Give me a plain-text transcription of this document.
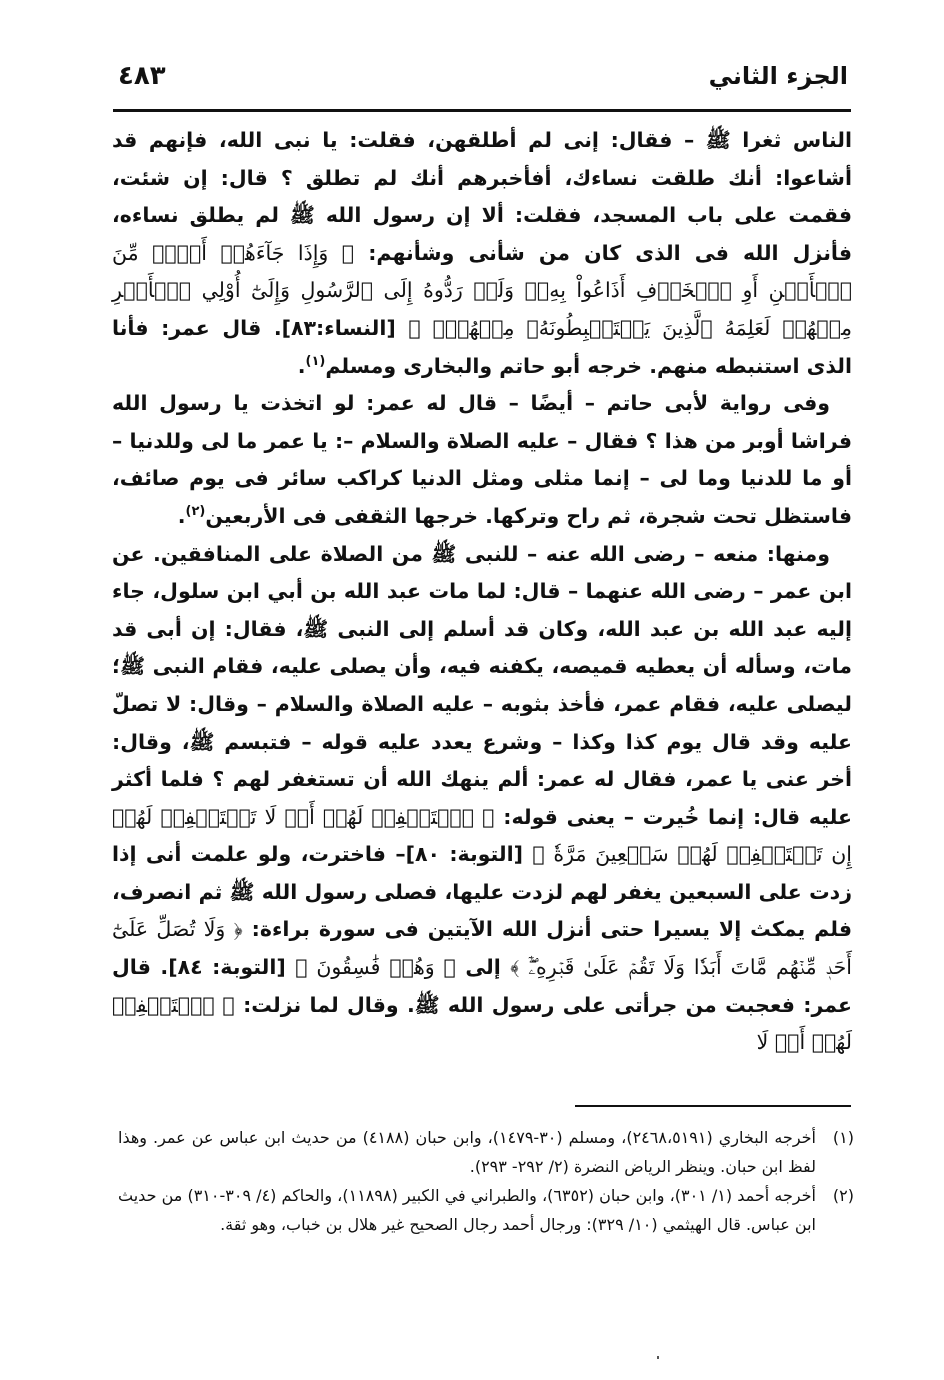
الجزء الثاني
٤٨٣

الناس ثغرا ﷺ – فقال: إنى لم أطلقهن، فقلت: يا نبى الله، فإنهم قد أشاعوا: أنك طلقت نساءك، أفأخبرهم أنك لم تطلق ؟ قال: إن شئت، فقمت على باب المسجد، فقلت: ألا إن رسول الله ﷺ لم يطلق نساءه، فأنزل الله فى الذى كان من شأنى وشأنهم: ﴿ وَإِذَا جَآءَهُمۡ أَمۡرٞ مِّنَ ٱلۡأَمۡنِ أَوِ ٱلۡخَوۡفِ أَذَاعُواْ بِهِۦۖ وَلَوۡ رَدُّوهُ إِلَى ٱلرَّسُولِ وَإِلَىٰٓ أُوْلِي ٱلۡأَمۡرِ مِنۡهُمۡ لَعَلِمَهُ ٱلَّذِينَ يَسۡتَنۢبِطُونَهُۥ مِنۡهُمۡۗ ﴾ [النساء:٨٣]. قال عمر: فأنا الذى استنبطه منهم. خرجه أبو حاتم والبخارى ومسلم$^{(١)}$.

وفى رواية لأبى حاتم – أيضًا – قال له عمر: لو اتخذت يا رسول الله فراشا أوبر من هذا ؟ فقال – عليه الصلاة والسلام –: يا عمر ما لى وللدنيا – أو ما للدنيا وما لى – إنما مثلى ومثل الدنيا كراكب سائر فى يوم صائف، فاستظل تحت شجرة، ثم راح وتركها. خرجها الثقفى فى الأربعين$^{(٢)}$.

ومنها: منعه – رضى الله عنه – للنبى ﷺ من الصلاة على المنافقين. عن ابن عمر – رضى الله عنهما – قال: لما مات عبد الله بن أبي ابن سلول، جاء إليه عبد الله بن عبد الله، وكان قد أسلم إلى النبى ﷺ، فقال: إن أبى قد مات، وسأله أن يعطيه قميصه، يكفنه فيه، وأن يصلى عليه، فقام النبى ﷺ؛ ليصلى عليه، فقام عمر، فأخذ بثوبه – عليه الصلاة والسلام – وقال: لا تصلّ عليه وقد قال يوم كذا وكذا – وشرع يعدد عليه قوله – فتبسم ﷺ، وقال: أخر عنى يا عمر، فقال له عمر: ألم ينهك الله أن تستغفر لهم ؟ فلما أكثر عليه قال: إنما خُيرت – يعنى قوله: ﴿ ٱسۡتَغۡفِرۡ لَهُمۡ أَوۡ لَا تَسۡتَغۡفِرۡ لَهُمۡ إِن تَسۡتَغۡفِرۡ لَهُمۡ سَبۡعِينَ مَرَّةٗ ﴾ [التوبة: ٨٠]– فاخترت، ولو علمت أنى إذا زدت على السبعين يغفر لهم لزدت عليها، فصلى رسول الله ﷺ ثم انصرف، فلم يمكث إلا يسيرا حتى أنزل الله الآيتين فى سورة براءة: ﴿ وَلَا تُصَلِّ عَلَىٰٓ أَحَدٖ مِّنۡهُم مَّاتَ أَبَدٗا وَلَا تَقُمۡ عَلَىٰ قَبۡرِهِۦٓۖ ﴾ إلى ﴿ وَهُمۡ فَٰسِقُونَ ﴾ [التوبة: ٨٤]. قال عمر: فعجبت من جرأتى على رسول الله ﷺ. وقال لما نزلت: ﴿ ٱسۡتَغۡفِرۡ لَهُمۡ أَوۡ لَا

(١)
أخرجه البخاري (٢٤٦٨،٥١٩١)، ومسلم (٣٠-١٤٧٩)، وابن حبان (٤١٨٨) من حديث ابن عباس عن عمر. وهذا لفظ ابن حبان. وينظر الرياض النضرة (٢/ ٢٩٢- ٢٩٣).

(٢)
أخرجه أحمد (١/ ٣٠١)، وابن حبان (٦٣٥٢)، والطبراني في الكبير (١١٨٩٨)، والحاكم (٤/ ٣٠٩-٣١٠) من حديث ابن عباس. قال الهيثمي (١٠/ ٣٢٩): ورجال أحمد رجال الصحيح غير هلال بن خباب، وهو ثقة.
